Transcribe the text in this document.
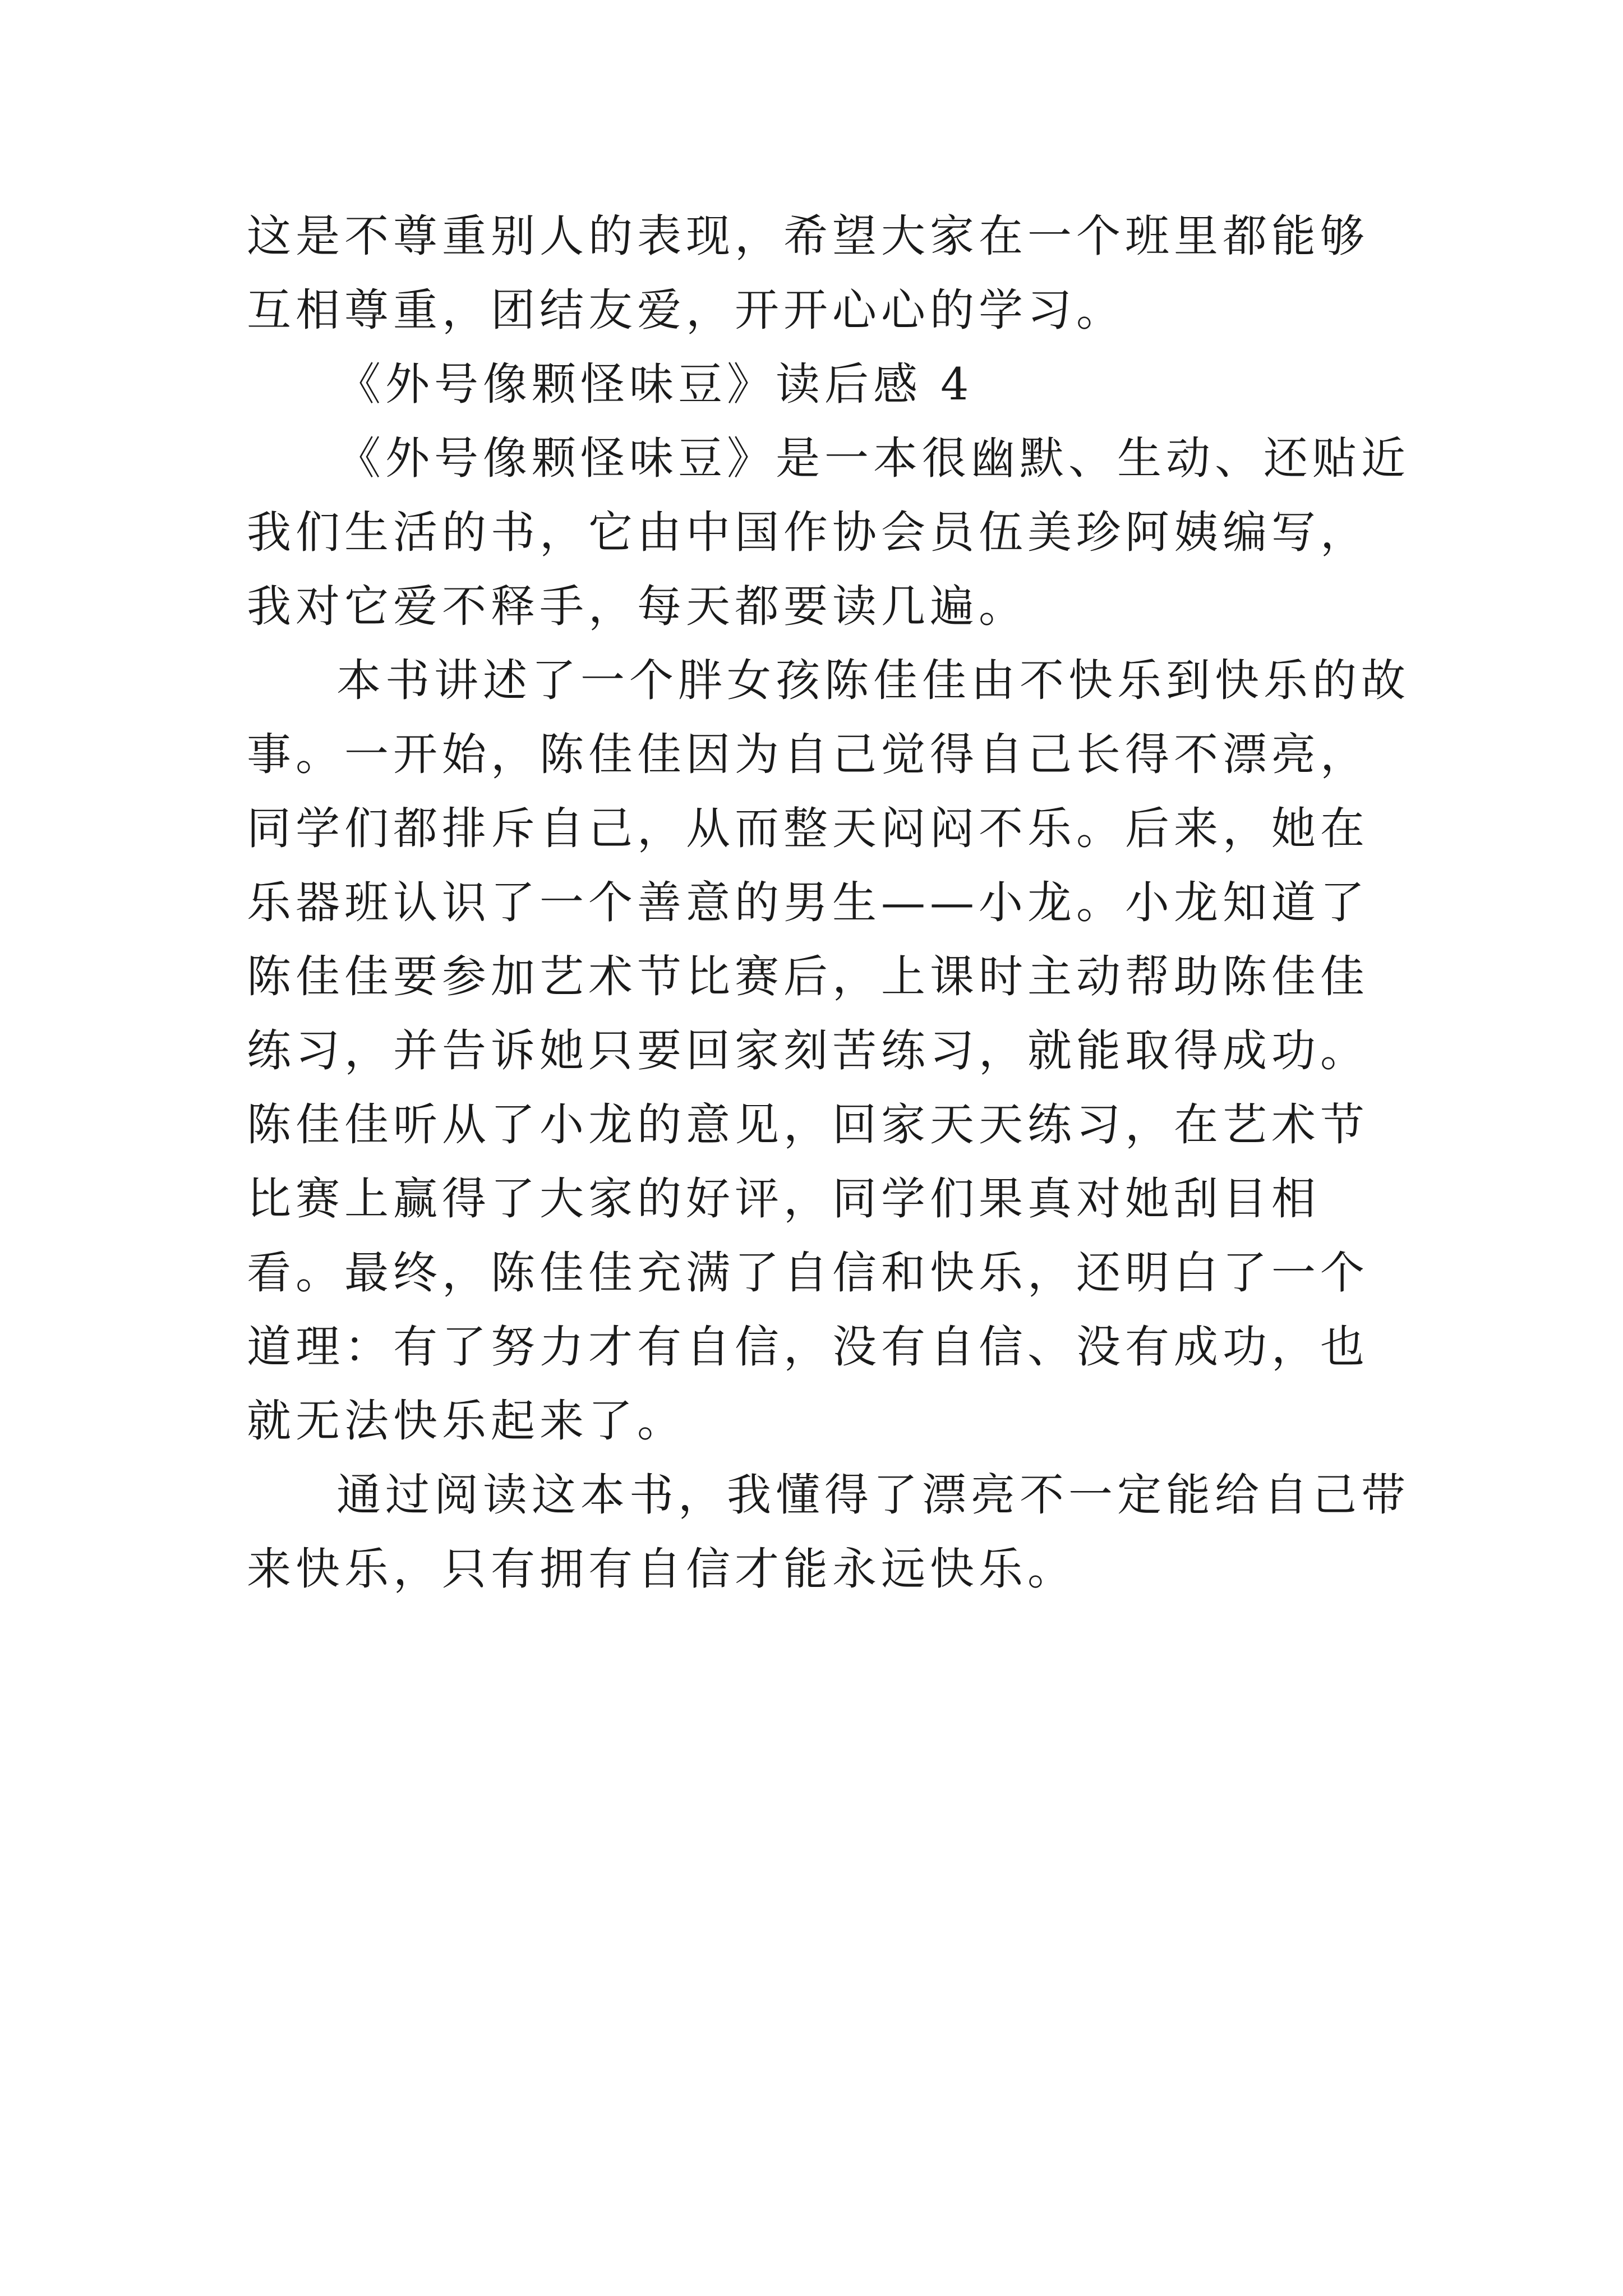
这是不尊重别人的表现，希望大家在一个班里都能够互相尊重，团结友爱，开开心心的学习。

《外号像颗怪味豆》读后感 4

《外号像颗怪味豆》是一本很幽默、生动、还贴近我们生活的书，它由中国作协会员伍美珍阿姨编写，我对它爱不释手，每天都要读几遍。

本书讲述了一个胖女孩陈佳佳由不快乐到快乐的故事。一开始，陈佳佳因为自己觉得自己长得不漂亮，同学们都排斥自己，从而整天闷闷不乐。后来，她在乐器班认识了一个善意的男生——小龙。小龙知道了陈佳佳要参加艺术节比赛后，上课时主动帮助陈佳佳练习，并告诉她只要回家刻苦练习，就能取得成功。陈佳佳听从了小龙的意见，回家天天练习，在艺术节比赛上赢得了大家的好评，同学们果真对她刮目相看。最终，陈佳佳充满了自信和快乐，还明白了一个道理：有了努力才有自信，没有自信、没有成功，也就无法快乐起来了。

通过阅读这本书，我懂得了漂亮不一定能给自己带来快乐，只有拥有自信才能永远快乐。
